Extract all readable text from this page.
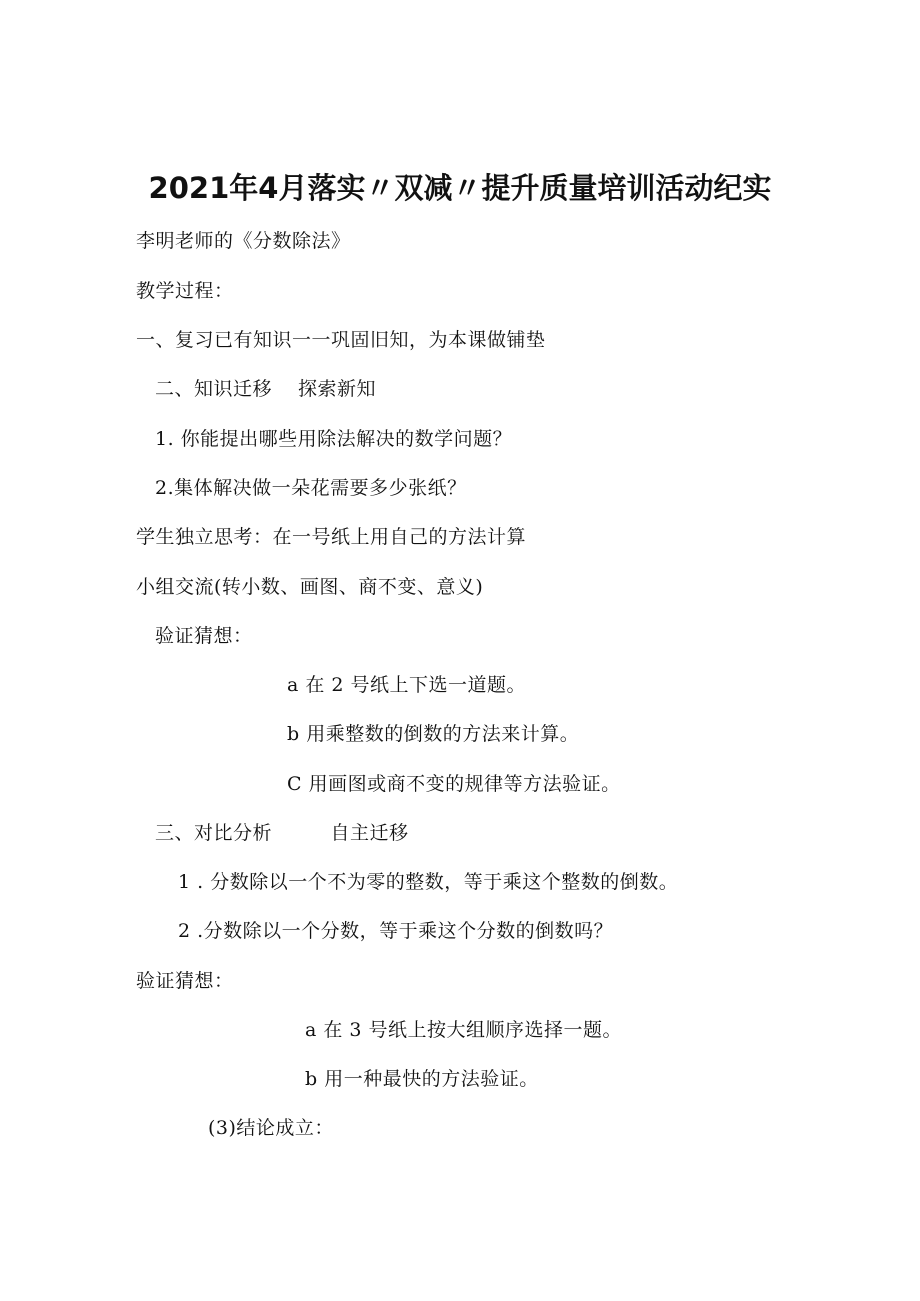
2021年4月落实〃双减〃提升质量培训活动纪实
李明老师的《分数除法》
教学过程：
一、复习已有知识一一巩固旧知，为本课做铺垫
二、知识迁移　 探索新知
1. 你能提出哪些用除法解决的数学问题？
2.集体解决做一朵花需要多少张纸？
学生独立思考：在一号纸上用自己的方法计算
小组交流(转小数、画图、商不变、意义)
验证猜想：
a 在 2 号纸上下选一道题。
b 用乘整数的倒数的方法来计算。
C 用画图或商不变的规律等方法验证。
三、对比分析　　　自主迁移
1 . 分数除以一个不为零的整数，等于乘这个整数的倒数。
2 .分数除以一个分数，等于乘这个分数的倒数吗？
验证猜想：
a 在 3 号纸上按大组顺序选择一题。
b 用一种最快的方法验证。
(3)结论成立：
